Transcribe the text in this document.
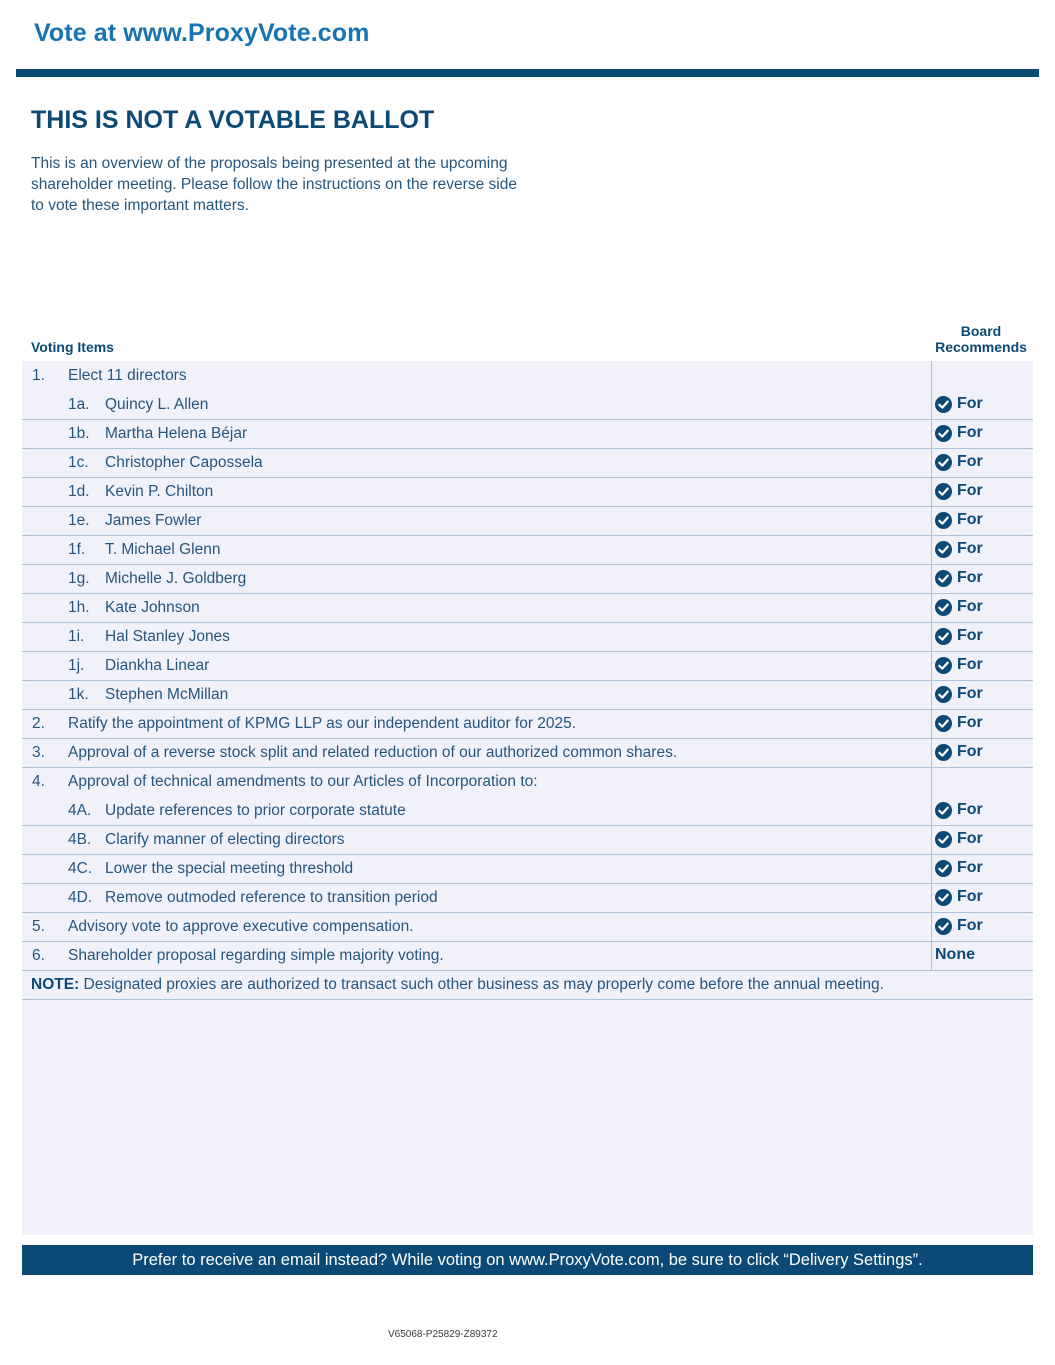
Vote at www.ProxyVote.com
THIS IS NOT A VOTABLE BALLOT
This is an overview of the proposals being presented at the upcoming shareholder meeting. Please follow the instructions on the reverse side to vote these important matters.
Voting Items
Board
Recommends
1. Elect 11 directors
1a. Quincy L. Allen	For
1b. Martha Helena Béjar	For
1c. Christopher Capossela	For
1d. Kevin P. Chilton	For
1e. James Fowler	For
1f. T. Michael Glenn	For
1g. Michelle J. Goldberg	For
1h. Kate Johnson	For
1i. Hal Stanley Jones	For
1j. Diankha Linear	For
1k. Stephen McMillan	For
2. Ratify the appointment of KPMG LLP as our independent auditor for 2025.	For
3. Approval of a reverse stock split and related reduction of our authorized common shares.	For
4. Approval of technical amendments to our Articles of Incorporation to:
4A. Update references to prior corporate statute	For
4B. Clarify manner of electing directors	For
4C. Lower the special meeting threshold	For
4D. Remove outmoded reference to transition period	For
5. Advisory vote to approve executive compensation.	For
6. Shareholder proposal regarding simple majority voting.	None
NOTE: Designated proxies are authorized to transact such other business as may properly come before the annual meeting.
Prefer to receive an email instead? While voting on www.ProxyVote.com, be sure to click “Delivery Settings”.
V65068-P25829-Z89372
